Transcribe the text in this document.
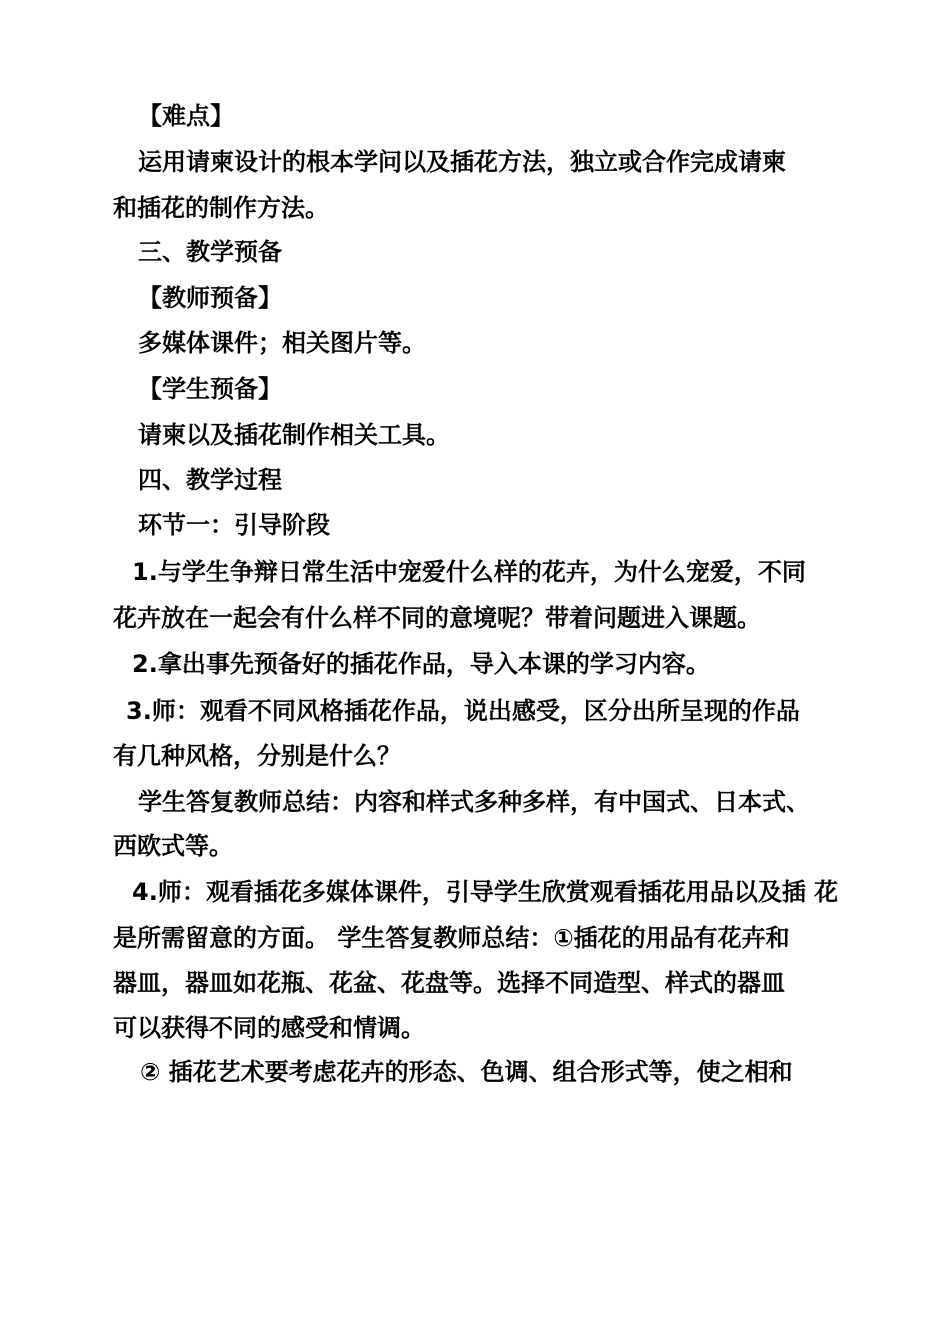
【难点】
运用请柬设计的根本学问以及插花方法，独立或合作完成请柬
和插花的制作方法。
三、教学预备
【教师预备】
多媒体课件；相关图片等。
【学生预备】
请柬以及插花制作相关工具。
四、教学过程
环节一：引导阶段
1.与学生争辩日常生活中宠爱什么样的花卉，为什么宠爱，不同
花卉放在一起会有什么样不同的意境呢？带着问题进入课题。
2.拿出事先预备好的插花作品，导入本课的学习内容。
3.师：观看不同风格插花作品，说出感受，区分出所呈现的作品
有几种风格，分别是什么？
学生答复教师总结：内容和样式多种多样，有中国式、日本式、
西欧式等。
4.师：观看插花多媒体课件，引导学生欣赏观看插花用品以及插 花
是所需留意的方面。 学生答复教师总结：①插花的用品有花卉和
器皿，器皿如花瓶、花盆、花盘等。选择不同造型、样式的器皿
可以获得不同的感受和情调。
② 插花艺术要考虑花卉的形态、色调、组合形式等，使之相和
